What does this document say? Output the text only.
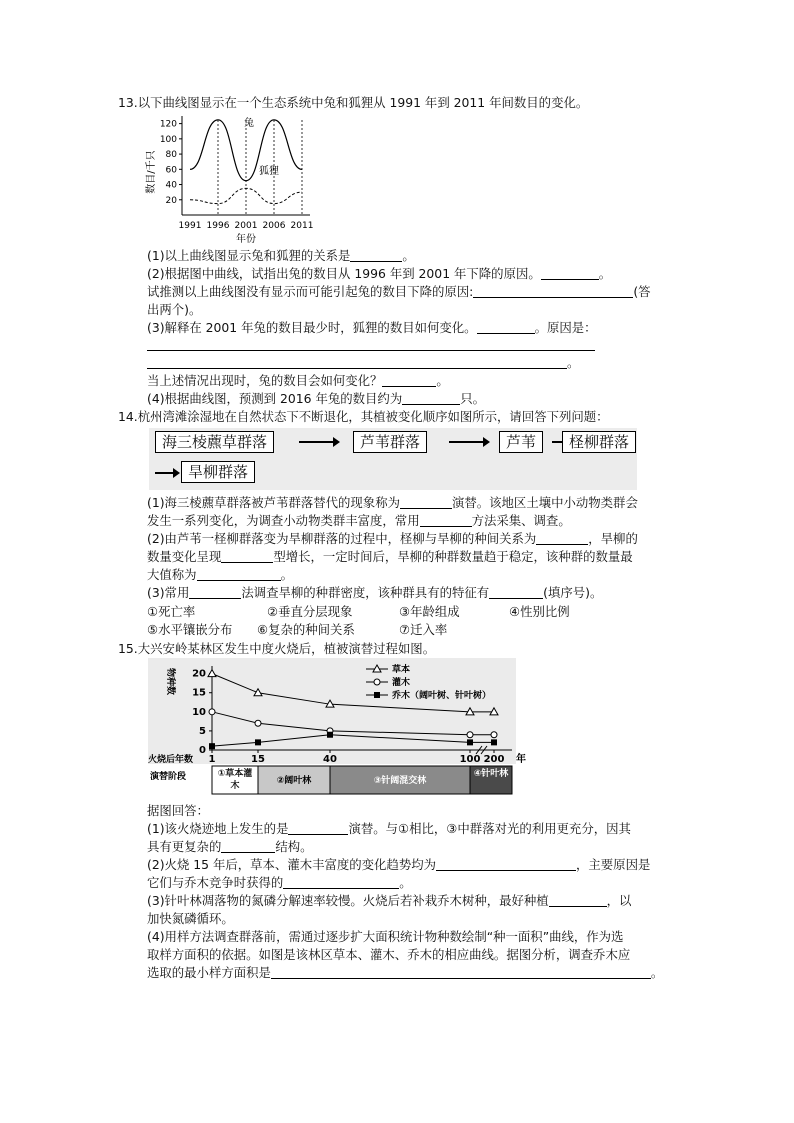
13.以下曲线图显示在一个生态系统中兔和狐狸从 1991 年到 2011 年间数目的变化。
数目/千只
120
100
80
60
40
20
1991 1996 2001 2006 2011
兔
狐狸
年份
(1)以上曲线图显示兔和狐狸的关系是	。
(2)根据图中曲线，试指出兔的数目从 1996 年到 2001 年下降的原因。	。
试推测以上曲线图没有显示而可能引起兔的数目下降的原因:	(答
出两个)。
(3)解释在 2001 年兔的数目最少时，狐狸的数目如何变化。	。原因是：
。
当上述情况出现时，兔的数目会如何变化？	。
(4)根据曲线图，预测到 2016 年兔的数目约为	只。
14.杭州湾滩涂湿地在自然状态下不断退化，其植被变化顺序如图所示，请回答下列问题：
海三棱藨草群落	芦苇群落	芦苇	柽柳群落
旱柳群落
(1)海三棱藨草群落被芦苇群落替代的现象称为	演替。该地区土壤中小动物类群会
发生一系列变化，为调查小动物类群丰富度，常用	方法采集、调查。
(2)由芦苇一柽柳群落变为旱柳群落的过程中，柽柳与旱柳的种间关系为	，旱柳的
数量变化呈现	型增长，一定时间后，旱柳的种群数量趋于稳定，该种群的数量最
大值称为	。
(3)常用	法调查旱柳的种群密度，该种群具有的特征有	(填序号)。
①死亡率	②垂直分层现象	③年龄组成	④性别比例
⑤水平镶嵌分布 ⑥复杂的种间关系	⑦迁入率
15.大兴安岭某林区发生中度火烧后，植被演替过程如图。
物种数 20
15
10
5
0
1	15	40	100 200
草本
灌木
乔木（阔叶树、针叶树）
火烧后年数	年
演替阶段	①草本灌木	②阔叶林	③针阔混交林
④针叶林
据图回答：
(1)该火烧迹地上发生的是	演替。与①相比，③中群落对光的利用更充分，因其
具有更复杂的	结构。
(2)火烧 15 年后，草本、灌木丰富度的变化趋势均为	，主要原因是
它们与乔木竞争时获得的	。
(3)针叶林凋落物的氮磷分解速率较慢。火烧后若补栽乔木树种，最好种植	，以
加快氮磷循环。
(4)用样方法调查群落前，需通过逐步扩大面积统计物种数绘制“种一面积”曲线，作为选
取样方面积的依据。如图是该林区草本、灌木、乔木的相应曲线。据图分析，调查乔木应
选取的最小样方面积是	。
